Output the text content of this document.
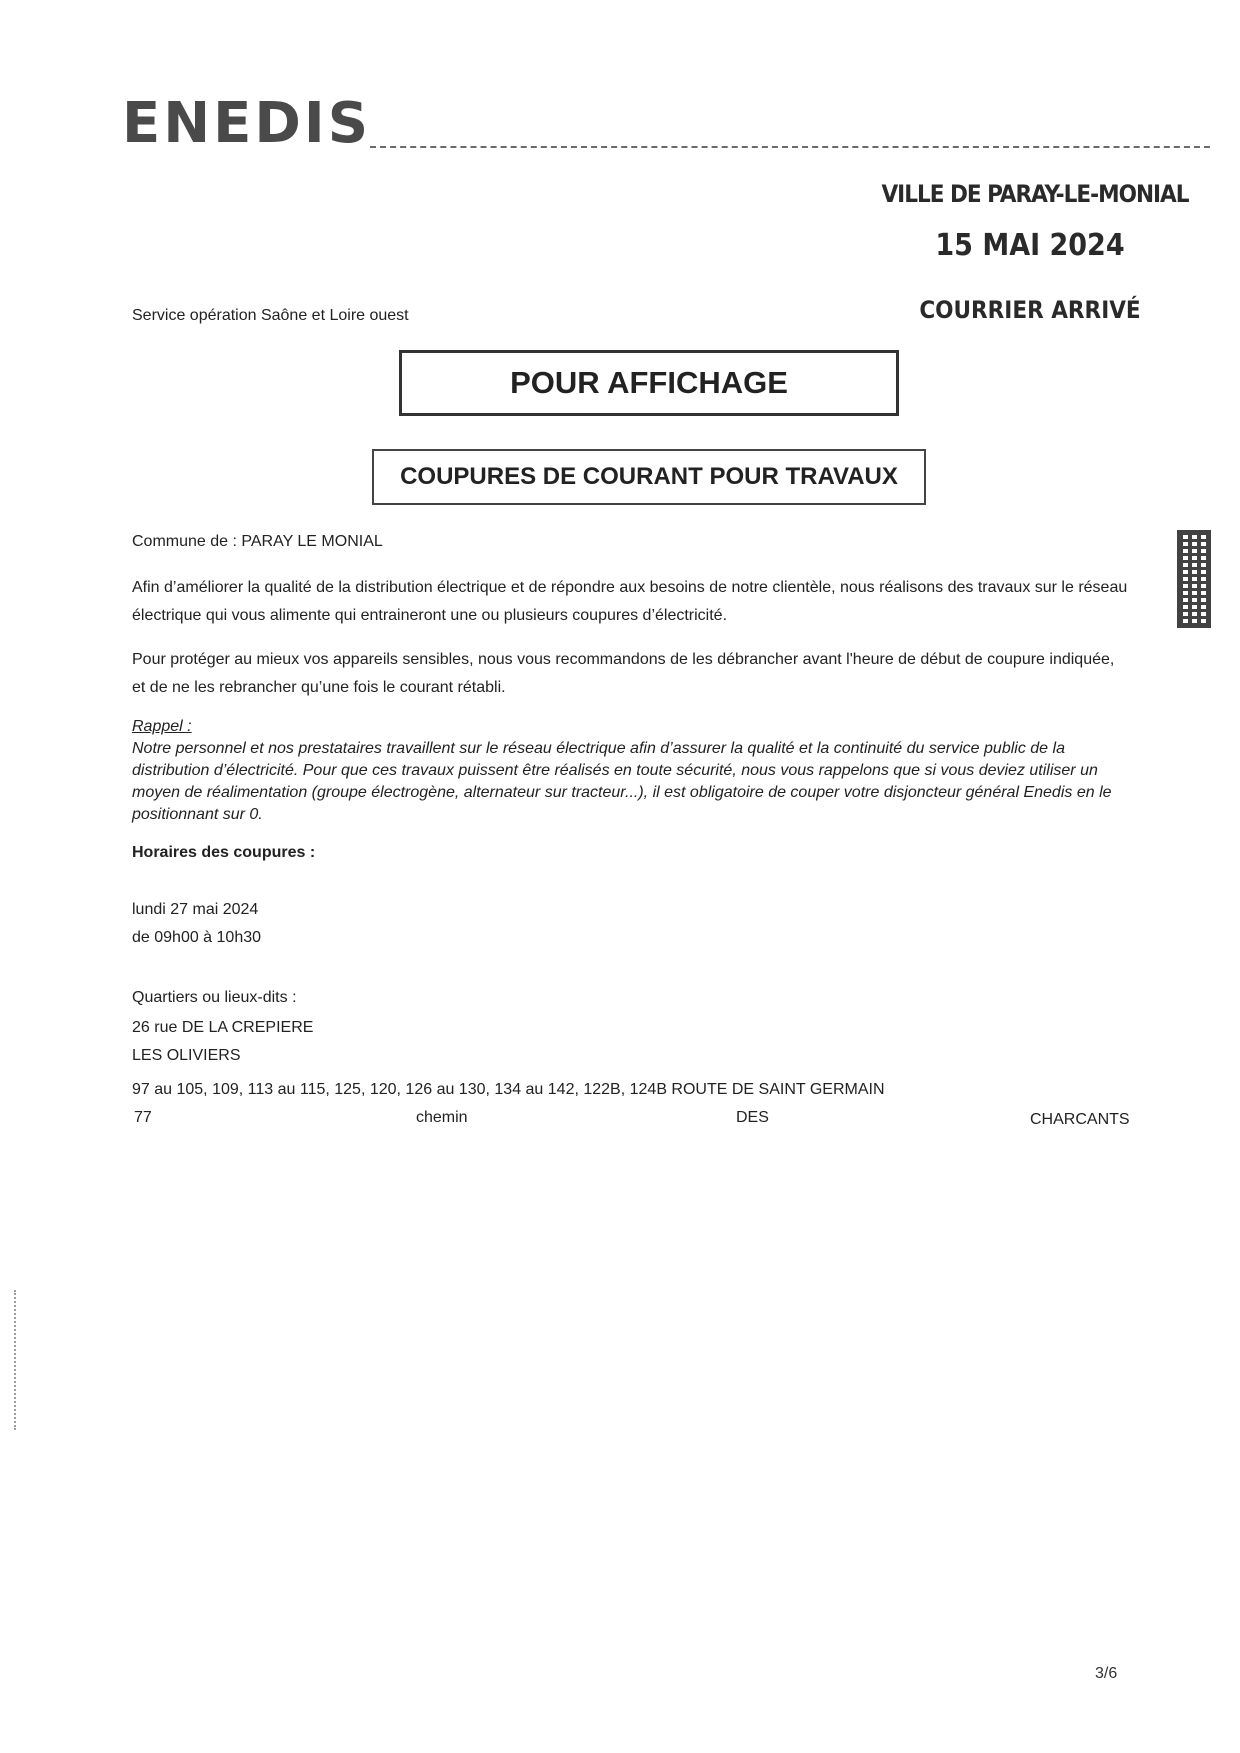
ENEDIS
VILLE DE PARAY-LE-MONIAL
15 MAI 2024
COURRIER ARRIVÉ
Service opération Saône et Loire ouest
POUR AFFICHAGE
COUPURES DE COURANT POUR TRAVAUX
Commune de : PARAY LE MONIAL
Afin d’améliorer la qualité de la distribution électrique et de répondre aux besoins de notre clientèle, nous réalisons des travaux sur le réseau électrique qui vous alimente qui entraineront une ou plusieurs coupures d’électricité.
Pour protéger au mieux vos appareils sensibles, nous vous recommandons de les débrancher avant l'heure de début de coupure indiquée, et de ne les rebrancher qu’une fois le courant rétabli.
Rappel :
Notre personnel et nos prestataires travaillent sur le réseau électrique afin d’assurer la qualité et la continuité du service public de la distribution d’électricité. Pour que ces travaux puissent être réalisés en toute sécurité, nous vous rappelons que si vous deviez utiliser un moyen de réalimentation (groupe électrogène, alternateur sur tracteur...), il est obligatoire de couper votre disjoncteur général Enedis en le positionnant sur 0.
Horaires des coupures :
lundi 27 mai 2024
de 09h00 à 10h30
Quartiers ou lieux-dits :
26 rue DE LA CREPIERE
LES OLIVIERS
97 au 105, 109, 113 au 115, 125, 120, 126 au 130, 134 au 142, 122B, 124B ROUTE DE SAINT GERMAIN
77	chemin	DES	CHARCANTS
3/6
